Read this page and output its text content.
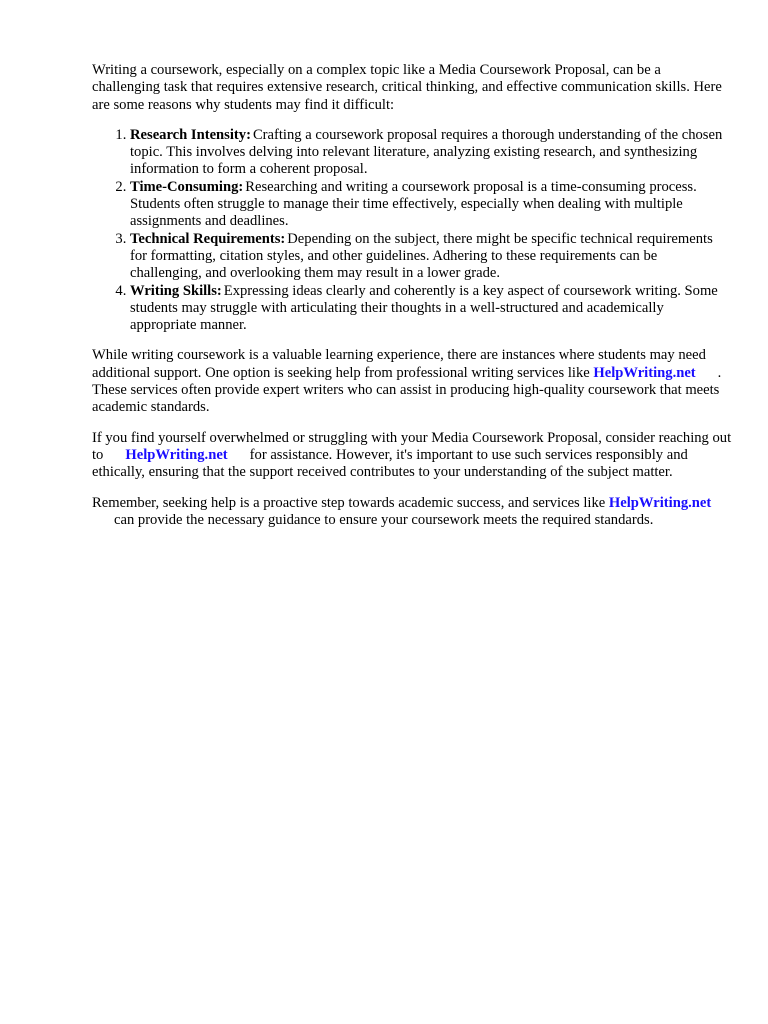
Writing a coursework, especially on a complex topic like a Media Coursework Proposal, can be a challenging task that requires extensive research, critical thinking, and effective communication skills. Here are some reasons why students may find it difficult:

1. Research Intensity: Crafting a coursework proposal requires a thorough understanding of the chosen topic. This involves delving into relevant literature, analyzing existing research, and synthesizing information to form a coherent proposal.
2. Time-Consuming: Researching and writing a coursework proposal is a time-consuming process. Students often struggle to manage their time effectively, especially when dealing with multiple assignments and deadlines.
3. Technical Requirements: Depending on the subject, there might be specific technical requirements for formatting, citation styles, and other guidelines. Adhering to these requirements can be challenging, and overlooking them may result in a lower grade.
4. Writing Skills: Expressing ideas clearly and coherently is a key aspect of coursework writing. Some students may struggle with articulating their thoughts in a well-structured and academically appropriate manner.

While writing coursework is a valuable learning experience, there are instances where students may need additional support. One option is seeking help from professional writing services like HelpWriting.net . These services often provide expert writers who can assist in producing high-quality coursework that meets academic standards.

If you find yourself overwhelmed or struggling with your Media Coursework Proposal, consider reaching out to HelpWriting.net for assistance. However, it's important to use such services responsibly and ethically, ensuring that the support received contributes to your understanding of the subject matter.

Remember, seeking help is a proactive step towards academic success, and services like HelpWriting.netcan provide the necessary guidance to ensure your coursework meets the required standards.
